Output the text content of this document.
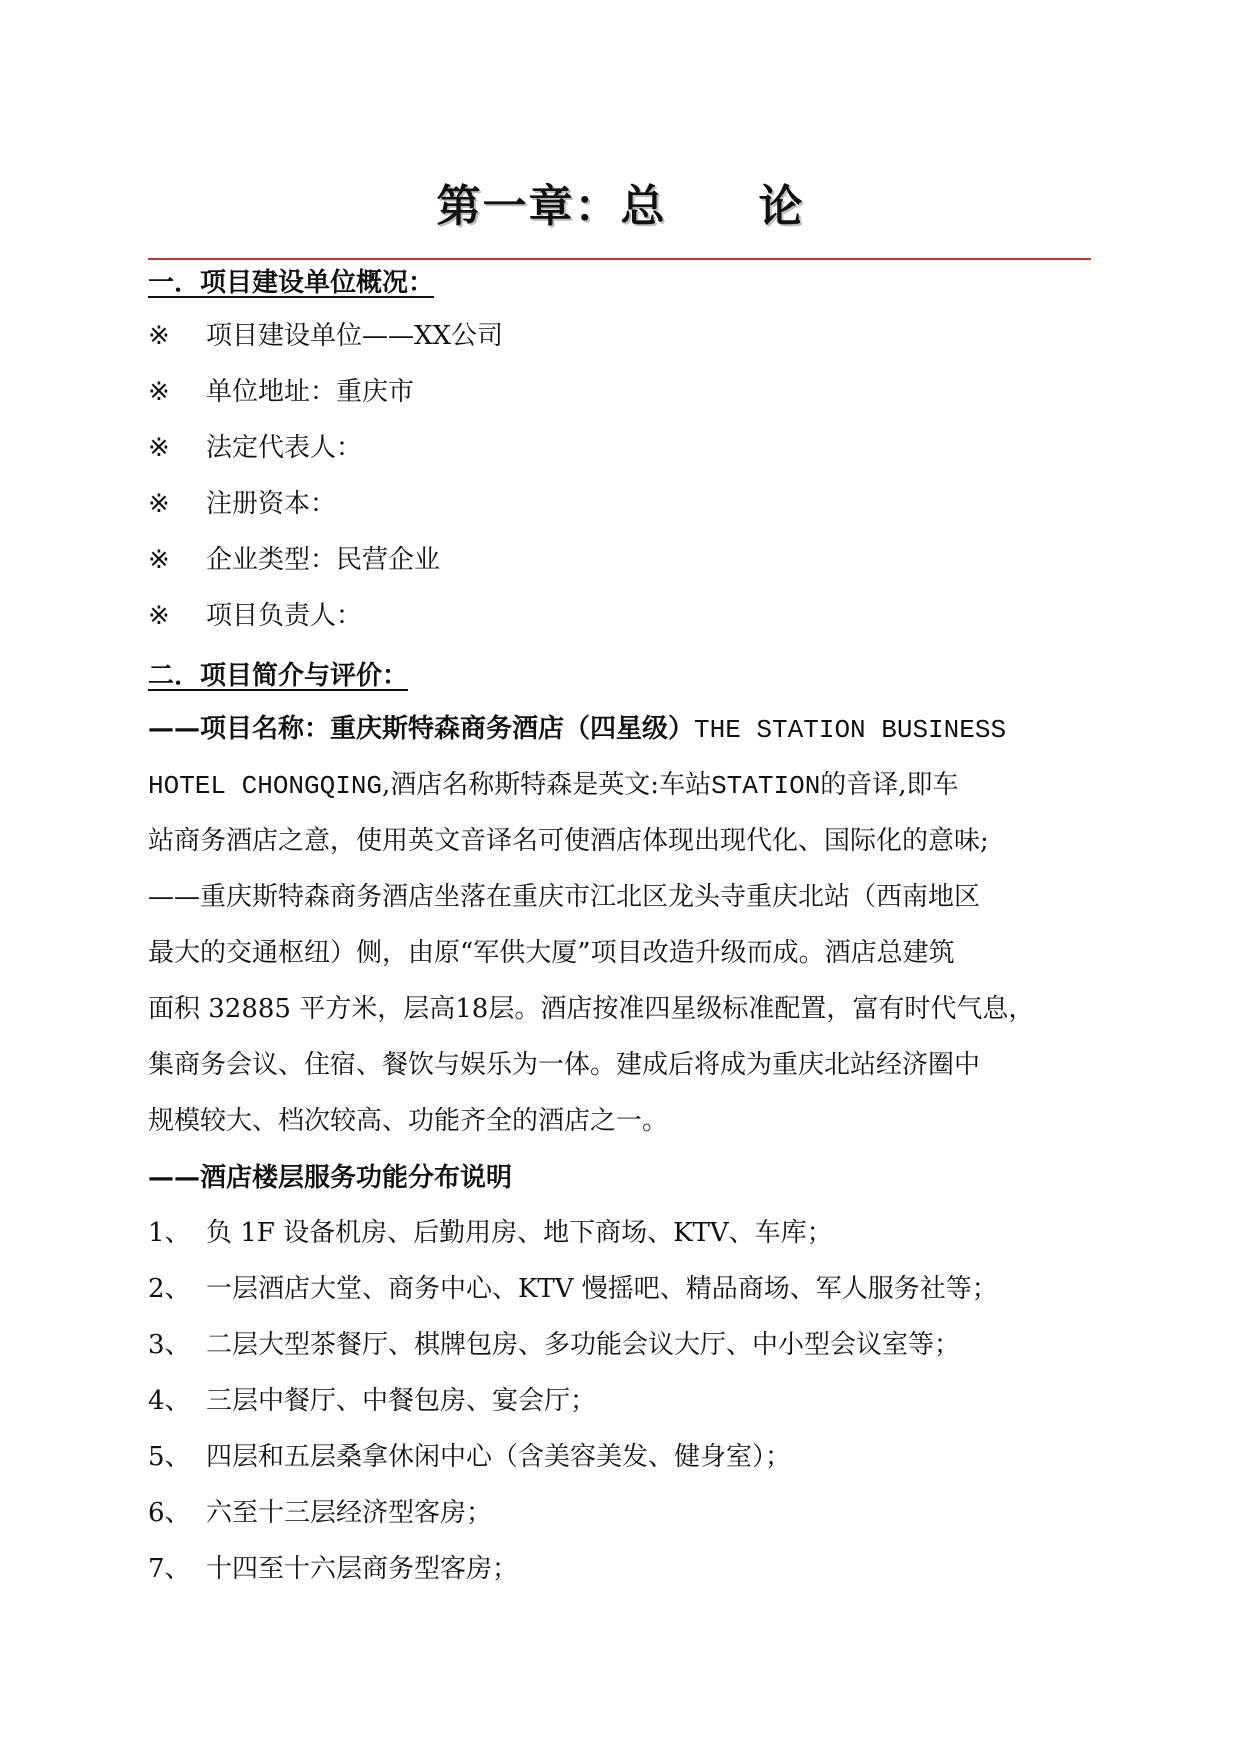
第一章：总　　论
一．项目建设单位概况：
※ 项目建设单位——XX公司
※ 单位地址：重庆市
※ 法定代表人：
※ 注册资本：
※ 企业类型：民营企业
※ 项目负责人：
二．项目简介与评价：
——项目名称：重庆斯特森商务酒店（四星级）THE STATION BUSINESS
HOTEL CHONGQING,酒店名称斯特森是英文:车站STATION的音译,即车
站商务酒店之意，使用英文音译名可使酒店体现出现代化、国际化的意味;
——重庆斯特森商务酒店坐落在重庆市江北区龙头寺重庆北站（西南地区
最大的交通枢纽）侧，由原“军供大厦”项目改造升级而成。酒店总建筑
面积 32885 平方米，层高18层。酒店按准四星级标准配置，富有时代气息，
集商务会议、住宿、餐饮与娱乐为一体。建成后将成为重庆北站经济圈中
规模较大、档次较高、功能齐全的酒店之一。
——酒店楼层服务功能分布说明
1、 负 1F 设备机房、后勤用房、地下商场、KTV、车库；
2、 一层酒店大堂、商务中心、KTV 慢摇吧、精品商场、军人服务社等；
3、 二层大型茶餐厅、棋牌包房、多功能会议大厅、中小型会议室等；
4、 三层中餐厅、中餐包房、宴会厅；
5、 四层和五层桑拿休闲中心（含美容美发、健身室）；
6、 六至十三层经济型客房；
7、 十四至十六层商务型客房；
